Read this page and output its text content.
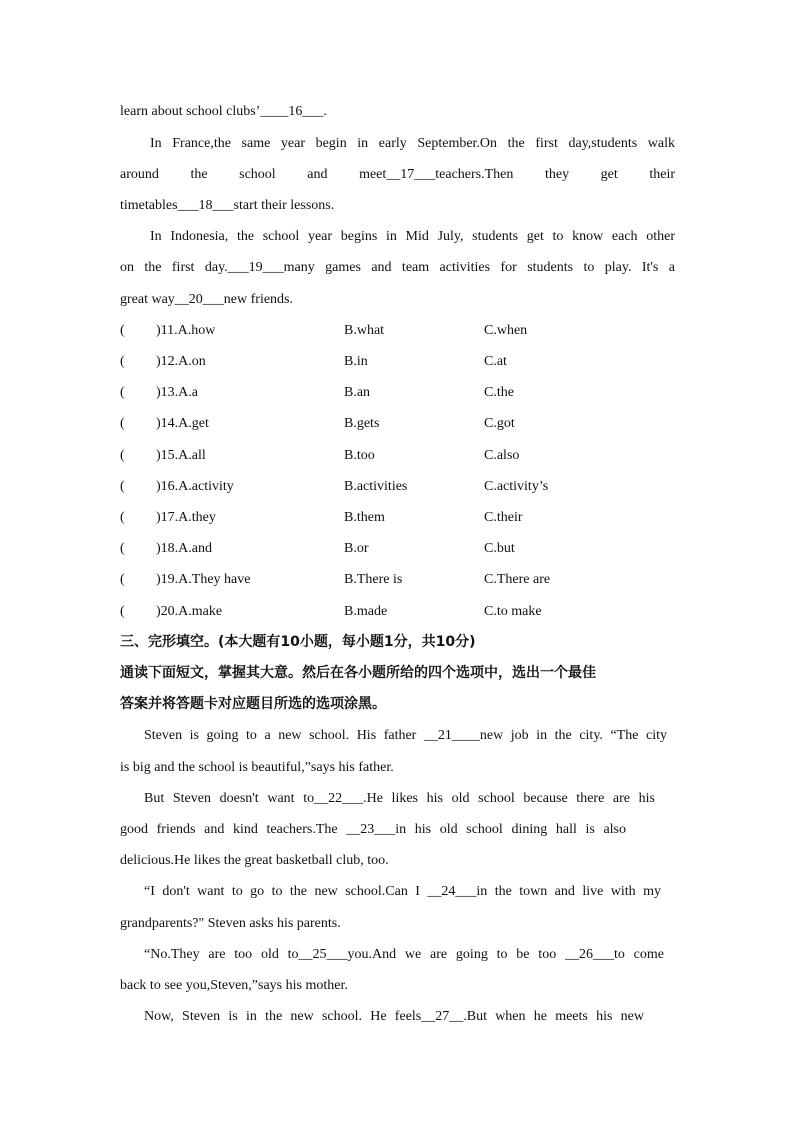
learn about school clubs’____16___.
In France,the same year begin in early September.On the first day,students walk
around the school and meet__17___teachers.Then they get their
timetables___18___start their lessons.
In Indonesia, the school year begins in Mid July, students get to know each other
on the first day.___19___many games and team activities for students to play. It's a
great way__20___new friends.
( )11.A.how	B.what	C.when
( )12.A.on	B.in	C.at
( )13.A.a	B.an	C.the
( )14.A.get	B.gets	C.got
( )15.A.all	B.too	C.also
( )16.A.activity	B.activities	C.activity’s
( )17.A.they	B.them	C.their
( )18.A.and	B.or	C.but
( )19.A.They have	B.There is	C.There are
( )20.A.make	B.made	C.to make
三、完形填空。(本大题有10小题，每小题1分，共10分)
通读下面短文，掌握其大意。然后在各小题所给的四个选项中，选出一个最佳
答案并将答题卡对应题目所选的选项涂黑。
Steven is going to a new school. His father __21____new job in the city. “The city
is big and the school is beautiful,”says his father.
But Steven doesn't want to__22___.He likes his old school because there are his
good friends and kind teachers.The __23___in his old school dining hall is also
delicious.He likes the great basketball club, too.
“I don't want to go to the new school.Can I __24___in the town and live with my
grandparents?" Steven asks his parents.
“No.They are too old to__25___you.And we are going to be too __26___to come
back to see you,Steven,”says his mother.
Now, Steven is in the new school. He feels__27__.But when he meets his new
